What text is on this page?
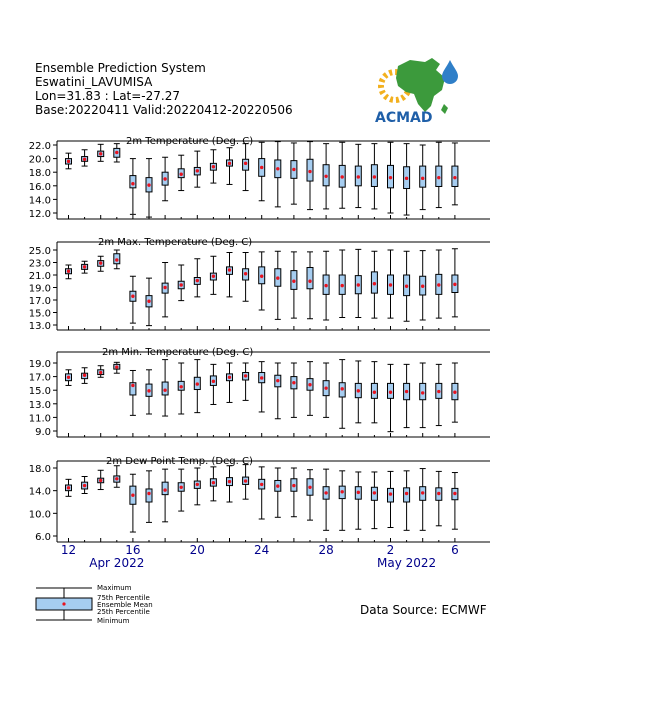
Ensemble Prediction System
Eswatini_LAVUMISA
Lon=31.83 : Lat=-27.27
Base:20220411 Valid:20220412-20220506	ACMAD
2m Temperature (Deg. C)
12.0
14.0
16.0
18.0
20.0
22.0
2m Max. Temperature (Deg. C)
13.0
15.0
17.0
19.0
21.0
23.0
25.0
2m Min. Temperature (Deg. C)
9.0
11.0
13.0
15.0
17.0
19.0
2m Dew Point Temp. (Deg. C)
6.0
10.0
14.0
18.0
12	16	20	24	28	2	6
Apr 2022	May 2022
Maximum
75th Percentile
Ensemble Mean
25th Percentile
Minimum
Data Source: ECMWF
